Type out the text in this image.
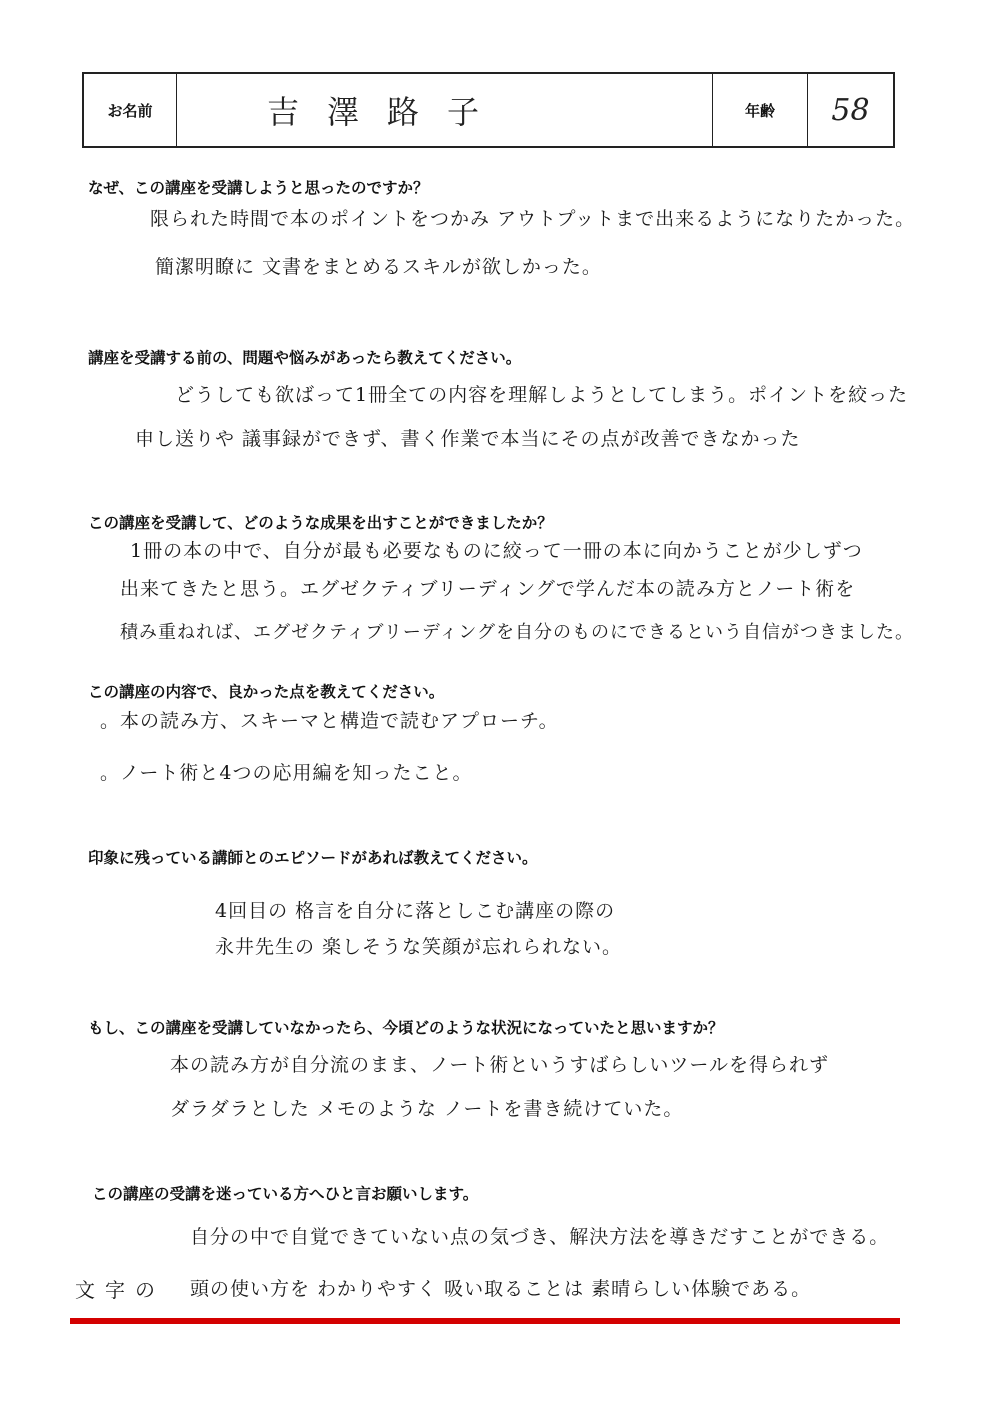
お名前	吉澤路子	年齢	58
なぜ、この講座を受講しようと思ったのですか？
限られた時間で本のポイントをつかみ アウトプットまで出来るようになりたかった。
簡潔明瞭に 文書をまとめるスキルが欲しかった。
講座を受講する前の、問題や悩みがあったら教えてください。
どうしても欲ばって1冊全ての内容を理解しようとしてしまう。ポイントを絞った
申し送りや 議事録ができず、書く作業で本当にその点が改善できなかった
この講座を受講して、どのような成果を出すことができましたか？
1冊の本の中で、自分が最も必要なものに絞って一冊の本に向かうことが少しずつ
出来てきたと思う。エグゼクティブリーディングで学んだ本の読み方とノート術を
積み重ねれば、エグゼクティブリーディングを自分のものにできるという自信がつきました。
この講座の内容で、良かった点を教えてください。
。本の読み方、スキーマと構造で読むアプローチ。
。ノート術と4つの応用編を知ったこと。
印象に残っている講師とのエピソードがあれば教えてください。
4回目の 格言を自分に落としこむ講座の際の
永井先生の 楽しそうな笑顔が忘れられない。
もし、この講座を受講していなかったら、今頃どのような状況になっていたと思いますか？
本の読み方が自分流のまま、ノート術というすばらしいツールを得られず
ダラダラとした メモのような ノートを書き続けていた。
この講座の受講を迷っている方へひと言お願いします。
自分の中で自覚できていない点の気づき、解決方法を導きだすことができる。
文字の 頭の使い方を わかりやすく 吸い取ることは 素晴らしい体験である。
